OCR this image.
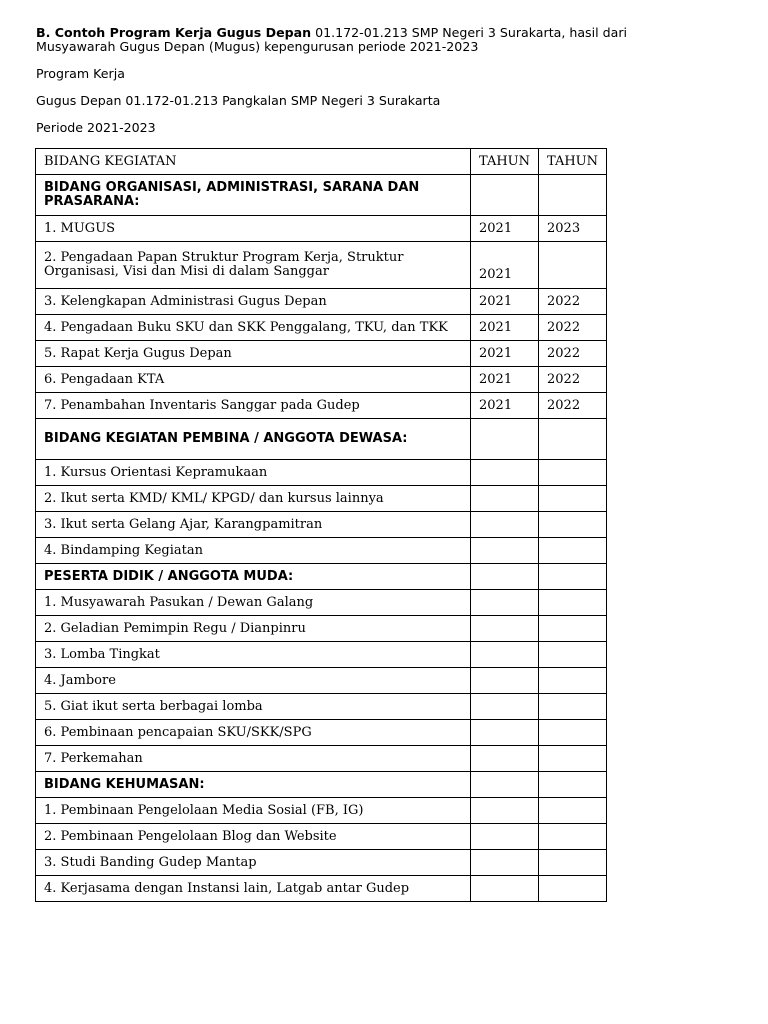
B. Contoh Program Kerja Gugus Depan 01.172-01.213 SMP Negeri 3 Surakarta, hasil dari

Musyawarah Gugus Depan (Mugus) kepengurusan periode 2021-2023

Program Kerja

Gugus Depan 01.172-01.213 Pangkalan SMP Negeri 3 Surakarta

Periode 2021-2023

BIDANG KEGIATAN	TAHUN	TAHUN
BIDANG ORGANISASI, ADMINISTRASI, SARANA DAN PRASARANA:		
1. MUGUS	2021	2023
2. Pengadaan Papan Struktur Program Kerja, Struktur Organisasi, Visi dan Misi di dalam Sanggar	2021	
3. Kelengkapan Administrasi Gugus Depan	2021	2022
4. Pengadaan Buku SKU dan SKK Penggalang, TKU, dan TKK	2021	2022
5. Rapat Kerja Gugus Depan	2021	2022
6. Pengadaan KTA	2021	2022
7. Penambahan Inventaris Sanggar pada Gudep	2021	2022
BIDANG KEGIATAN PEMBINA / ANGGOTA DEWASA:		
1. Kursus Orientasi Kepramukaan		
2. Ikut serta KMD/ KML/ KPGD/ dan kursus lainnya		
3. Ikut serta Gelang Ajar, Karangpamitran		
4. Bindamping Kegiatan		
PESERTA DIDIK / ANGGOTA MUDA:		
1. Musyawarah Pasukan / Dewan Galang		
2. Geladian Pemimpin Regu / Dianpinru		
3. Lomba Tingkat		
4. Jambore		
5. Giat ikut serta berbagai lomba		
6. Pembinaan pencapaian SKU/SKK/SPG		
7. Perkemahan		
BIDANG KEHUMASAN:		
1. Pembinaan Pengelolaan Media Sosial (FB, IG)		
2. Pembinaan Pengelolaan Blog dan Website		
3. Studi Banding Gudep Mantap		
4. Kerjasama dengan Instansi lain, Latgab antar Gudep		
